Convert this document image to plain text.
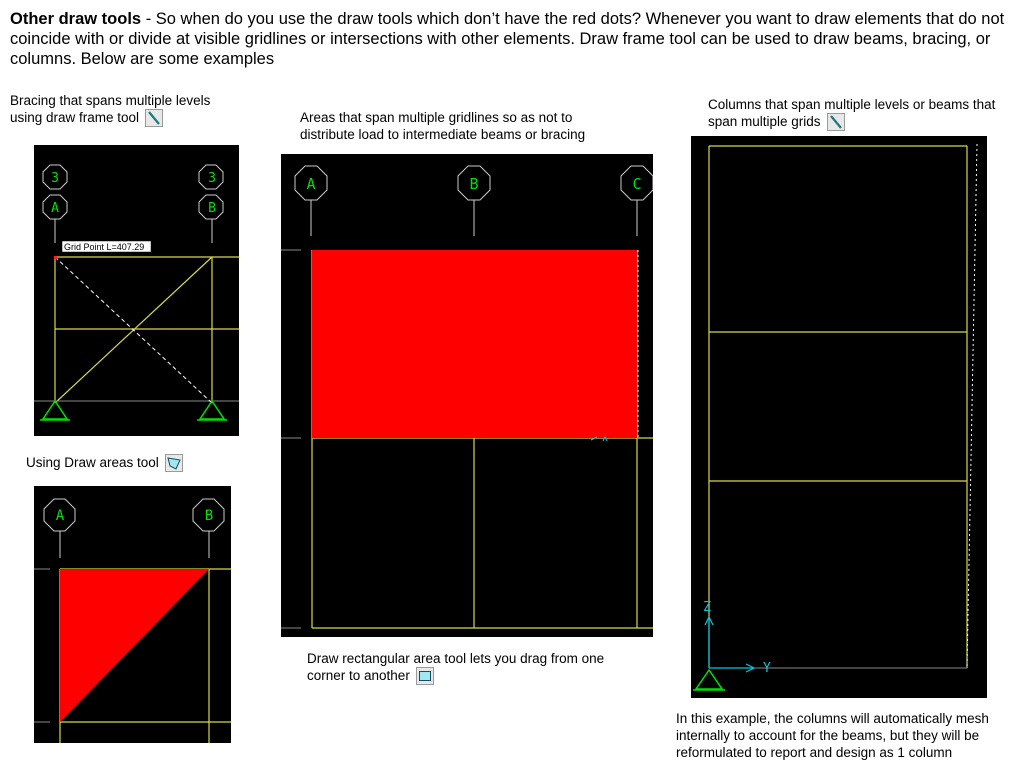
Other draw tools - So when do you use the draw tools which don’t have the red dots? Whenever you want to draw elements that do not coincide with or divide at visible gridlines or intersections with other elements. Draw frame tool can be used to draw beams, bracing, or columns. Below are some examples
Bracing that spans multiple levels using draw frame tool	Areas that span multiple gridlines so as not to distribute load to intermediate beams or bracing
Columns that span multiple levels or beams that span multiple grids
Using Draw areas tool
Draw rectangular area tool lets you drag from one corner to another
In this example, the columns will automatically mesh internally to account for the beams, but they will be reformulated to report and design as 1 column
3
A
3
B
Grid Point L=407.29
A	B	C
A	B
Z
Y
